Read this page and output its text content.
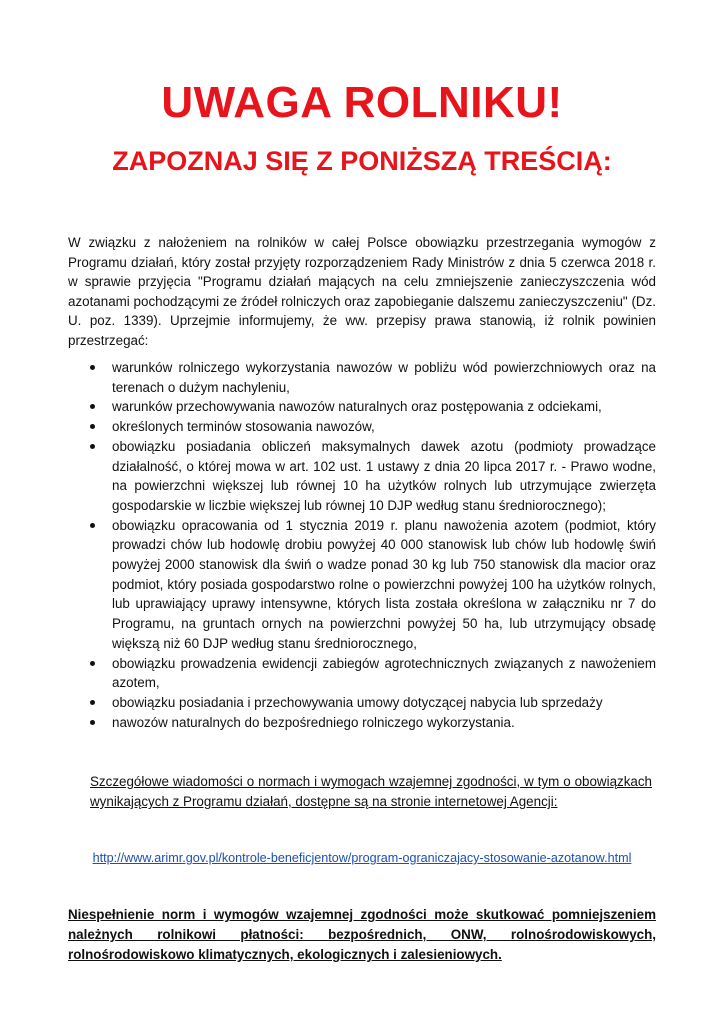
UWAGA ROLNIKU!
ZAPOZNAJ SIĘ Z PONIŻSZĄ TREŚCIĄ:

W związku z nałożeniem na rolników w całej Polsce obowiązku przestrzegania wymogów z Programu działań, który został przyjęty rozporządzeniem Rady Ministrów z dnia 5 czerwca 2018 r. w sprawie przyjęcia "Programu działań mających na celu zmniejszenie zanieczyszczenia wód azotanami pochodzącymi ze źródeł rolniczych oraz zapobieganie dalszemu zanieczyszczeniu" (Dz. U. poz. 1339). Uprzejmie informujemy, że ww. przepisy prawa stanowią, iż rolnik powinien przestrzegać:

warunków rolniczego wykorzystania nawozów w pobliżu wód powierzchniowych oraz na terenach o dużym nachyleniu,
warunków przechowywania nawozów naturalnych oraz postępowania z odciekami,
określonych terminów stosowania nawozów,
obowiązku posiadania obliczeń maksymalnych dawek azotu (podmioty prowadzące działalność, o której mowa w art. 102 ust. 1 ustawy z dnia 20 lipca 2017 r. - Prawo wodne, na powierzchni większej lub równej 10 ha użytków rolnych lub utrzymujące zwierzęta gospodarskie w liczbie większej lub równej 10 DJP według stanu średniorocznego);
obowiązku opracowania od 1 stycznia 2019 r. planu nawożenia azotem (podmiot, który prowadzi chów lub hodowlę drobiu powyżej 40 000 stanowisk lub chów lub hodowlę świń powyżej 2000 stanowisk dla świń o wadze ponad 30 kg lub 750 stanowisk dla macior oraz podmiot, który posiada gospodarstwo rolne o powierzchni powyżej 100 ha użytków rolnych, lub uprawiający uprawy intensywne, których lista została określona w załączniku nr 7 do Programu, na gruntach ornych na powierzchni powyżej 50 ha, lub utrzymujący obsadę większą niż 60 DJP według stanu średniorocznego,
obowiązku prowadzenia ewidencji zabiegów agrotechnicznych związanych z nawożeniem azotem,
obowiązku posiadania i przechowywania umowy dotyczącej nabycia lub sprzedaży
nawozów naturalnych do bezpośredniego rolniczego wykorzystania.

Szczegółowe wiadomości o normach i wymogach wzajemnej zgodności, w tym o obowiązkach wynikających z Programu działań, dostępne są na stronie internetowej Agencji:

http://www.arimr.gov.pl/kontrole-beneficjentow/program-ograniczajacy-stosowanie-azotanow.html

Niespełnienie norm i wymogów wzajemnej zgodności może skutkować pomniejszeniem należnych rolnikowi płatności: bezpośrednich, ONW, rolnośrodowiskowych, rolnośrodowiskowo klimatycznych, ekologicznych i zalesieniowych.
